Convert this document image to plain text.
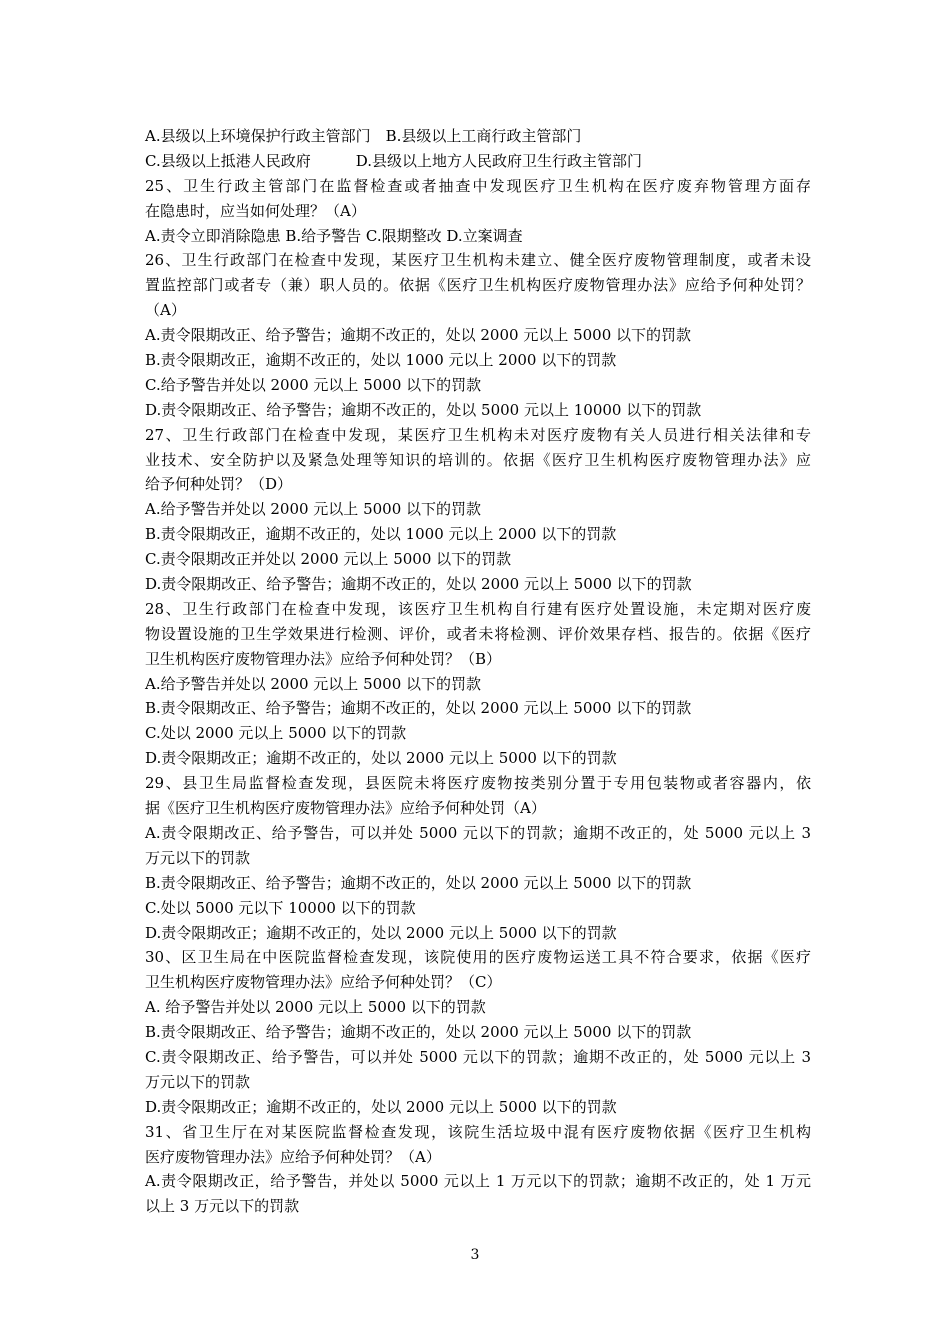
A.县级以上环境保护行政主管部门　B.县级以上工商行政主管部门
C.县级以上抵港人民政府　　　D.县级以上地方人民政府卫生行政主管部门
25、卫生行政主管部门在监督检查或者抽查中发现医疗卫生机构在医疗废弃物管理方面存
在隐患时，应当如何处理？（A）
A.责令立即消除隐患 B.给予警告 C.限期整改 D.立案调查
26、卫生行政部门在检查中发现，某医疗卫生机构未建立、健全医疗废物管理制度，或者未设
置监控部门或者专（兼）职人员的。依据《医疗卫生机构医疗废物管理办法》应给予何种处罚？
（A）
A.责令限期改正、给予警告；逾期不改正的，处以 2000 元以上 5000 以下的罚款
B.责令限期改正，逾期不改正的，处以 1000 元以上 2000 以下的罚款
C.给予警告并处以 2000 元以上 5000 以下的罚款
D.责令限期改正、给予警告；逾期不改正的，处以 5000 元以上 10000 以下的罚款
27、卫生行政部门在检查中发现，某医疗卫生机构未对医疗废物有关人员进行相关法律和专
业技术、安全防护以及紧急处理等知识的培训的。依据《医疗卫生机构医疗废物管理办法》应
给予何种处罚？（D）
A.给予警告并处以 2000 元以上 5000 以下的罚款
B.责令限期改正，逾期不改正的，处以 1000 元以上 2000 以下的罚款
C.责令限期改正并处以 2000 元以上 5000 以下的罚款
D.责令限期改正、给予警告；逾期不改正的，处以 2000 元以上 5000 以下的罚款
28、卫生行政部门在检查中发现，该医疗卫生机构自行建有医疗处置设施，未定期对医疗废
物设置设施的卫生学效果进行检测、评价，或者未将检测、评价效果存档、报告的。依据《医疗
卫生机构医疗废物管理办法》应给予何种处罚？（B）
A.给予警告并处以 2000 元以上 5000 以下的罚款
B.责令限期改正、给予警告；逾期不改正的，处以 2000 元以上 5000 以下的罚款
C.处以 2000 元以上 5000 以下的罚款
D.责令限期改正；逾期不改正的，处以 2000 元以上 5000 以下的罚款
29、县卫生局监督检查发现，县医院未将医疗废物按类别分置于专用包装物或者容器内，依
据《医疗卫生机构医疗废物管理办法》应给予何种处罚（A）
A.责令限期改正、给予警告，可以并处 5000 元以下的罚款；逾期不改正的，处 5000 元以上 3
万元以下的罚款
B.责令限期改正、给予警告；逾期不改正的，处以 2000 元以上 5000 以下的罚款
C.处以 5000 元以下 10000 以下的罚款
D.责令限期改正；逾期不改正的，处以 2000 元以上 5000 以下的罚款
30、区卫生局在中医院监督检查发现，该院使用的医疗废物运送工具不符合要求，依据《医疗
卫生机构医疗废物管理办法》应给予何种处罚？（C）
A. 给予警告并处以 2000 元以上 5000 以下的罚款
B.责令限期改正、给予警告；逾期不改正的，处以 2000 元以上 5000 以下的罚款
C.责令限期改正、给予警告，可以并处 5000 元以下的罚款；逾期不改正的，处 5000 元以上 3
万元以下的罚款
D.责令限期改正；逾期不改正的，处以 2000 元以上 5000 以下的罚款
31、省卫生厅在对某医院监督检查发现，该院生活垃圾中混有医疗废物依据《医疗卫生机构
医疗废物管理办法》应给予何种处罚？（A）
A.责令限期改正，给予警告，并处以 5000 元以上 1 万元以下的罚款；逾期不改正的，处 1 万元
以上 3 万元以下的罚款
3
